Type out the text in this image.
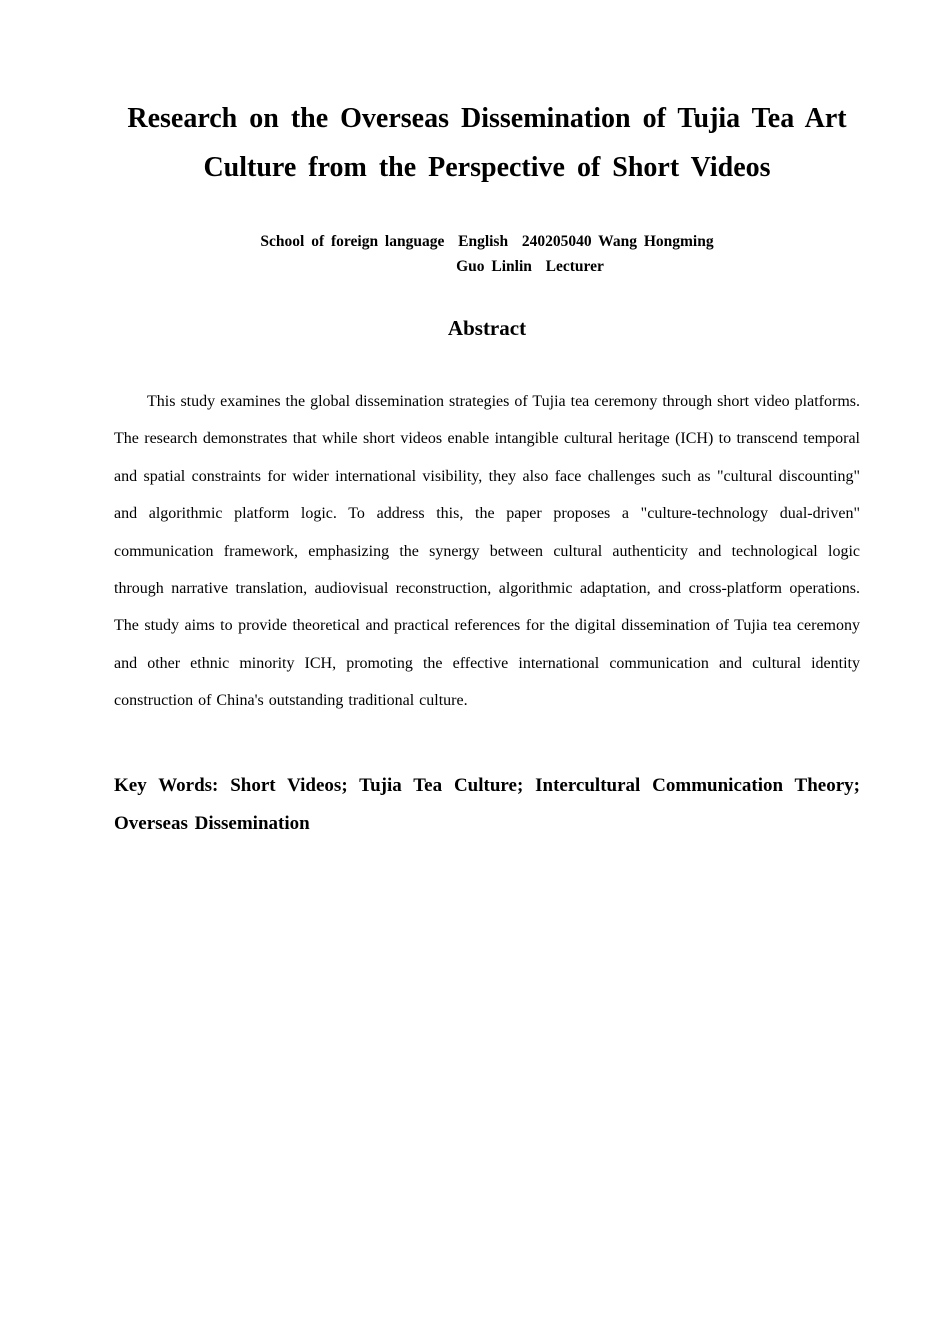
Research on the Overseas Dissemination of Tujia Tea Art Culture from the Perspective of Short Videos
School of foreign language  English  240205040 Wang Hongming
Guo Linlin  Lecturer
Abstract

This study examines the global dissemination strategies of Tujia tea ceremony through short video platforms. The research demonstrates that while short videos enable intangible cultural heritage (ICH) to transcend temporal and spatial constraints for wider international visibility, they also face challenges such as "cultural discounting" and algorithmic platform logic. To address this, the paper proposes a "culture-technology dual-driven" communication framework, emphasizing the synergy between cultural authenticity and technological logic through narrative translation, audiovisual reconstruction, algorithmic adaptation, and cross-platform operations. The study aims to provide theoretical and practical references for the digital dissemination of Tujia tea ceremony and other ethnic minority ICH, promoting the effective international communication and cultural identity construction of China's outstanding traditional culture.

Key Words: Short Videos; Tujia Tea Culture; Intercultural Communication Theory; Overseas Dissemination
